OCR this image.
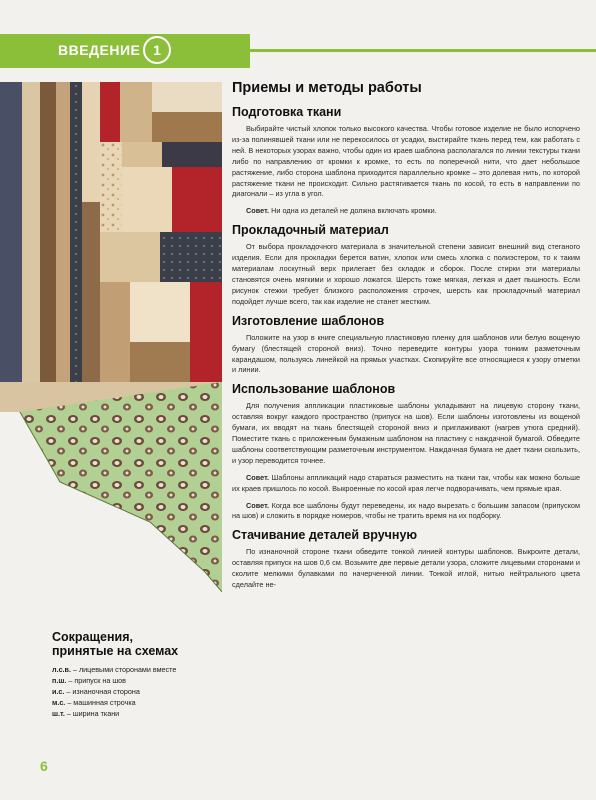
ВВЕДЕНИЕ 1
Приемы и методы работы
Подготовка ткани

Выбирайте чистый хлопок только высокого качества. Чтобы готовое изделие не было испорчено из-за полинявшей ткани или не перекосилось от усадки, выстирайте ткань перед тем, как работать с ней. В некоторых узорах важно, чтобы один из краев шаблона располагался по линии текстуры ткани либо по направлению от кромки к кромке, то есть по поперечной нити, что дает небольшое растяжение, либо сторона шаблона приходится параллельно кромке – это долевая нить, по которой растяжение ткани не происходит. Сильно растягивается ткань по косой, то есть в направлении по диагонали – из угла в угол.

Совет. Ни одна из деталей не должна включать кромки.

Прокладочный материал

От выбора прокладочного материала в значительной степени зависит внешний вид стеганого изделия. Если для прокладки берется ватин, хлопок или смесь хлопка с полиэстером, то к таким материалам лоскутный верх прилегает без складок и сборок. После стирки эти материалы становятся очень мягкими и хорошо ложатся. Шерсть тоже мягкая, легкая и дает пышность. Если рисунок стежки требует близкого расположения строчек, шерсть как прокладочный материал подойдет лучше всего, так как изделие не станет жестким.

Изготовление шаблонов

Положите на узор в книге специальную пластиковую пленку для шаблонов или белую вощеную бумагу (блестящей стороной вниз). Точно переведите контуры узора тонким разметочным карандашом, пользуясь линейкой на прямых участках. Скопируйте все относящиеся к узору отметки и линии.

Использование шаблонов

Для получения аппликации пластиковые шаблоны укладывают на лицевую сторону ткани, оставляя вокруг каждого пространство (припуск на шов). Если шаблоны изготовлены из вощеной бумаги, их вводят на ткань блестящей стороной вниз и приглаживают (нагрев утюга средний). Поместите ткань с приложенным бумажным шаблоном на пластину с наждачной бумагой. Обведите шаблоны соответствующим разметочным инструментом. Наждачная бумага не дает ткани скользить, и узор переводится точнее.

Совет. Шаблоны аппликаций надо стараться разместить на ткани так, чтобы как можно больше их краев пришлось по косой. Выкроенные по косой края легче подворачивать, чем прямые края.

Совет. Когда все шаблоны будут переведены, их надо вырезать с большим запасом (припуском на шов) и сложить в порядке номеров, чтобы не тратить время на их подборку.

Стачивание деталей вручную

По изнаночной стороне ткани обведите тонкой линией контуры шаблонов. Выкроите детали, оставляя припуск на шов 0,6 см. Возьмите две первые детали узора, сложите лицевыми сторонами и сколите мелкими булавками по начерченной линии. Тонкой иглой, нитью нейтрального цвета сделайте не-

Сокращения,
принятые на схемах
л.с.в. – лицевыми сторонами вместе
п.ш. – припуск на шов
и.с. – изнаночная сторона
м.с. – машинная строчка
ш.т. – ширина ткани
6
